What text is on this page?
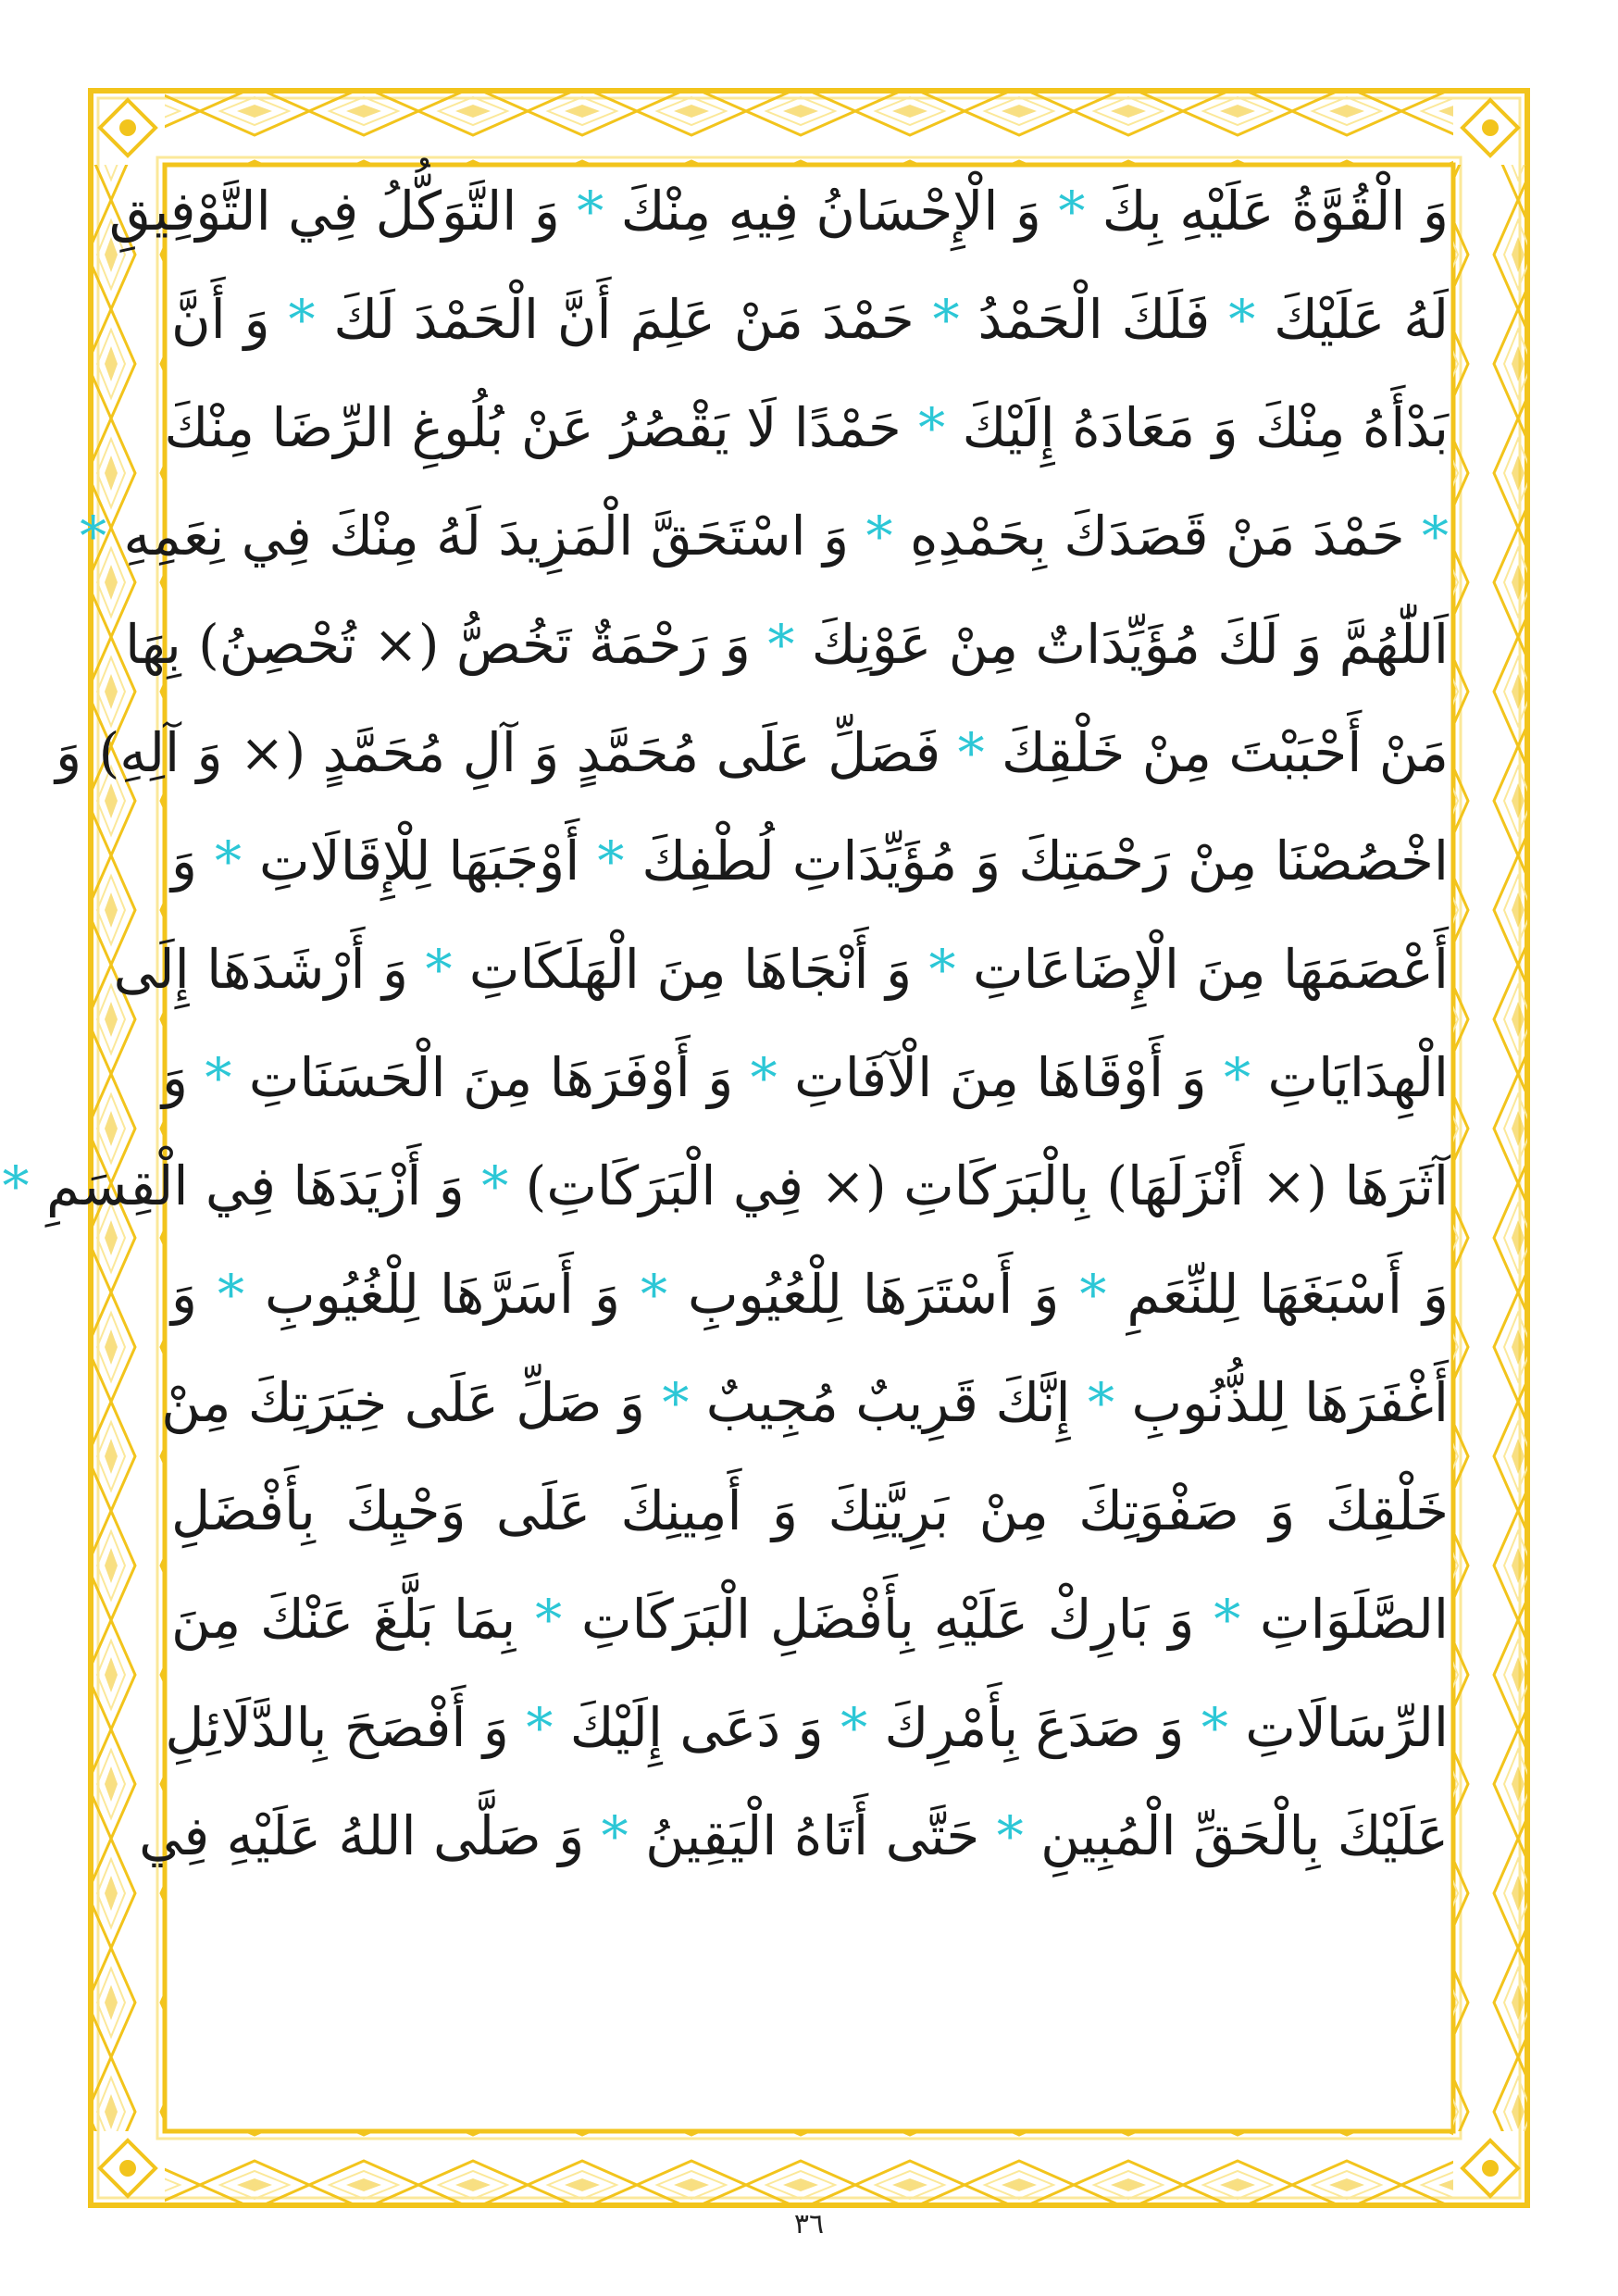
وَ الْقُوَّةُ عَلَيْهِ بِكَ * وَ الْإِحْسَانُ فِيهِ مِنْكَ * وَ التَّوَكُّلُ فِي التَّوْفِيقِ
لَهُ عَلَيْكَ * فَلَكَ الْحَمْدُ * حَمْدَ مَنْ عَلِمَ أَنَّ الْحَمْدَ لَكَ * وَ أَنَّ
بَدْأَهُ مِنْكَ وَ مَعَادَهُ إِلَيْكَ * حَمْدًا لَا يَقْصُرُ عَنْ بُلُوغِ الرِّضَا مِنْكَ
* حَمْدَ مَنْ قَصَدَكَ بِحَمْدِهِ * وَ اسْتَحَقَّ الْمَزِيدَ لَهُ مِنْكَ فِي نِعَمِهِ *
اَللّٰهُمَّ وَ لَكَ مُؤَيِّدَاتٌ مِنْ عَوْنِكَ * وَ رَحْمَةٌ تَخُصُّ (× تُحْصِنُ) بِهَا
مَنْ أَحْبَبْتَ مِنْ خَلْقِكَ * فَصَلِّ عَلَى مُحَمَّدٍ وَ آلِ مُحَمَّدٍ (× وَ آلِهِ) وَ
اخْصُصْنَا مِنْ رَحْمَتِكَ وَ مُؤَيِّدَاتِ لُطْفِكَ * أَوْجَبَهَا لِلْإِقَالَاتِ * وَ
أَعْصَمَهَا مِنَ الْإِضَاعَاتِ * وَ أَنْجَاهَا مِنَ الْهَلَكَاتِ * وَ أَرْشَدَهَا إِلَى
الْهِدَايَاتِ * وَ أَوْقَاهَا مِنَ الْآفَاتِ * وَ أَوْفَرَهَا مِنَ الْحَسَنَاتِ * وَ
آثَرَهَا (× أَنْزَلَهَا) بِالْبَرَكَاتِ (× فِي الْبَرَكَاتِ) * وَ أَزْيَدَهَا فِي الْقِسَمِ *
وَ أَسْبَغَهَا لِلنِّعَمِ * وَ أَسْتَرَهَا لِلْعُيُوبِ * وَ أَسَرَّهَا لِلْغُيُوبِ * وَ
أَغْفَرَهَا لِلذُّنُوبِ * إِنَّكَ قَرِيبٌ مُجِيبٌ * وَ صَلِّ عَلَى خِيَرَتِكَ مِنْ
خَلْقِكَ وَ صَفْوَتِكَ مِنْ بَرِيَّتِكَ وَ أَمِينِكَ عَلَى وَحْيِكَ بِأَفْضَلِ
الصَّلَوَاتِ * وَ بَارِكْ عَلَيْهِ بِأَفْضَلِ الْبَرَكَاتِ * بِمَا بَلَّغَ عَنْكَ مِنَ
الرِّسَالَاتِ * وَ صَدَعَ بِأَمْرِكَ * وَ دَعَى إِلَيْكَ * وَ أَفْصَحَ بِالدَّلَائِلِ
عَلَيْكَ بِالْحَقِّ الْمُبِينِ * حَتَّى أَتَاهُ الْيَقِينُ * وَ صَلَّى اللهُ عَلَيْهِ فِي
٣٦
